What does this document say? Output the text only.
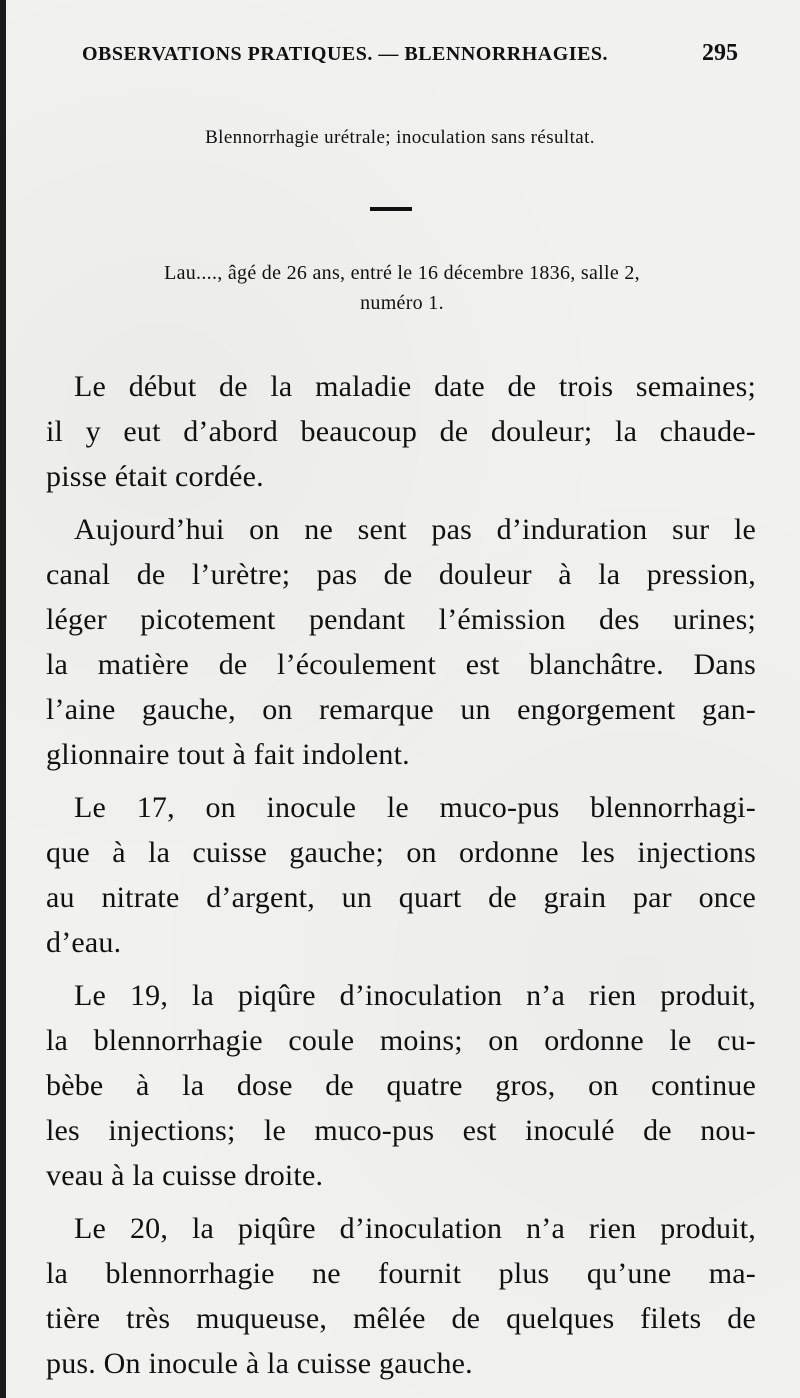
OBSERVATIONS PRATIQUES. — BLENNORRHAGIES.	295
Blennorrhagie urétrale; inoculation sans résultat.
Lau...., âgé de 26 ans, entré le 16 décembre 1836, salle 2,
numéro 1.
Le début de la maladie date de trois semaines;
il y eut d’abord beaucoup de douleur; la chaude-
pisse était cordée.
Aujourd’hui on ne sent pas d’induration sur le
canal de l’urètre; pas de douleur à la pression,
léger picotement pendant l’émission des urines;
la matière de l’écoulement est blanchâtre. Dans
l’aine gauche, on remarque un engorgement gan-
glionnaire tout à fait indolent.
Le 17, on inocule le muco-pus blennorrhagi-
que à la cuisse gauche; on ordonne les injections
au nitrate d’argent, un quart de grain par once
d’eau.
Le 19, la piqûre d’inoculation n’a rien produit,
la blennorrhagie coule moins; on ordonne le cu-
bèbe à la dose de quatre gros, on continue
les injections; le muco-pus est inoculé de nou-
veau à la cuisse droite.
Le 20, la piqûre d’inoculation n’a rien produit,
la blennorrhagie ne fournit plus qu’une ma-
tière très muqueuse, mêlée de quelques filets de
pus. On inocule à la cuisse gauche.
